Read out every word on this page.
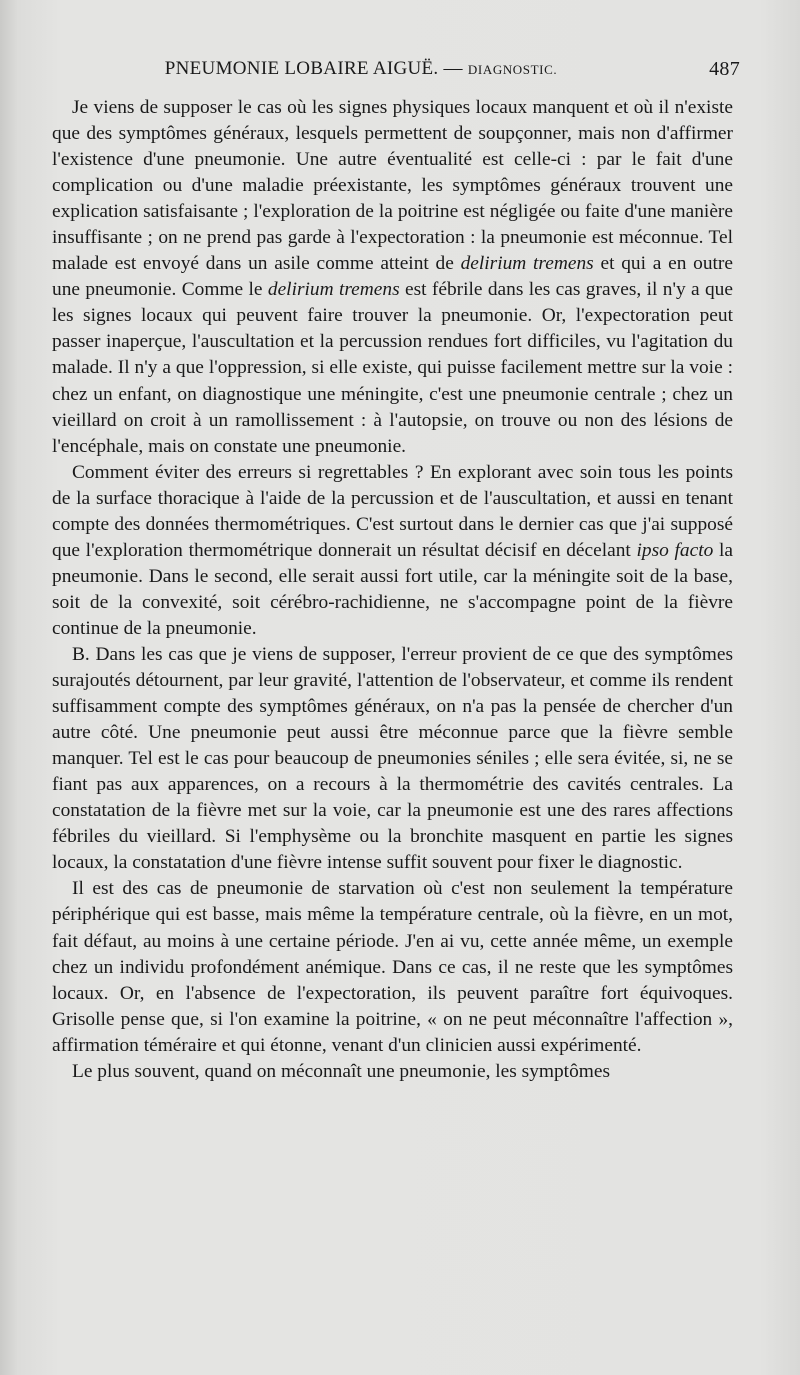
PNEUMONIE LOBAIRE AIGUË. — DIAGNOSTIC.	487

Je viens de supposer le cas où les signes physiques locaux manquent et où il n'existe que des symptômes généraux, lesquels permettent de soupçonner, mais non d'affirmer l'existence d'une pneumonie. Une autre éventualité est celle-ci : par le fait d'une complication ou d'une maladie préexistante, les symptômes généraux trouvent une explication satisfaisante ; l'exploration de la poitrine est négligée ou faite d'une manière insuffisante ; on ne prend pas garde à l'expectoration : la pneumonie est méconnue. Tel malade est envoyé dans un asile comme atteint de delirium tremens et qui a en outre une pneumonie. Comme le delirium tremens est fébrile dans les cas graves, il n'y a que les signes locaux qui peuvent faire trouver la pneumonie. Or, l'expectoration peut passer inaperçue, l'auscultation et la percussion rendues fort difficiles, vu l'agitation du malade. Il n'y a que l'oppression, si elle existe, qui puisse facilement mettre sur la voie : chez un enfant, on diagnostique une méningite, c'est une pneumonie centrale ; chez un vieillard on croit à un ramollissement : à l'autopsie, on trouve ou non des lésions de l'encéphale, mais on constate une pneumonie.

Comment éviter des erreurs si regrettables ? En explorant avec soin tous les points de la surface thoracique à l'aide de la percussion et de l'auscultation, et aussi en tenant compte des données thermométriques. C'est surtout dans le dernier cas que j'ai supposé que l'exploration thermométrique donnerait un résultat décisif en décelant ipso facto la pneumonie. Dans le second, elle serait aussi fort utile, car la méningite soit de la base, soit de la convexité, soit cérébro-rachidienne, ne s'accompagne point de la fièvre continue de la pneumonie.

B. Dans les cas que je viens de supposer, l'erreur provient de ce que des symptômes surajoutés détournent, par leur gravité, l'attention de l'observateur, et comme ils rendent suffisamment compte des symptômes généraux, on n'a pas la pensée de chercher d'un autre côté. Une pneumonie peut aussi être méconnue parce que la fièvre semble manquer. Tel est le cas pour beaucoup de pneumonies séniles ; elle sera évitée, si, ne se fiant pas aux apparences, on a recours à la thermométrie des cavités centrales. La constatation de la fièvre met sur la voie, car la pneumonie est une des rares affections fébriles du vieillard. Si l'emphysème ou la bronchite masquent en partie les signes locaux, la constatation d'une fièvre intense suffit souvent pour fixer le diagnostic.

Il est des cas de pneumonie de starvation où c'est non seulement la température périphérique qui est basse, mais même la température centrale, où la fièvre, en un mot, fait défaut, au moins à une certaine période. J'en ai vu, cette année même, un exemple chez un individu profondément anémique. Dans ce cas, il ne reste que les symptômes locaux. Or, en l'absence de l'expectoration, ils peuvent paraître fort équivoques. Grisolle pense que, si l'on examine la poitrine, « on ne peut méconnaître l'affection », affirmation téméraire et qui étonne, venant d'un clinicien aussi expérimenté.

Le plus souvent, quand on méconnaît une pneumonie, les symptômes
